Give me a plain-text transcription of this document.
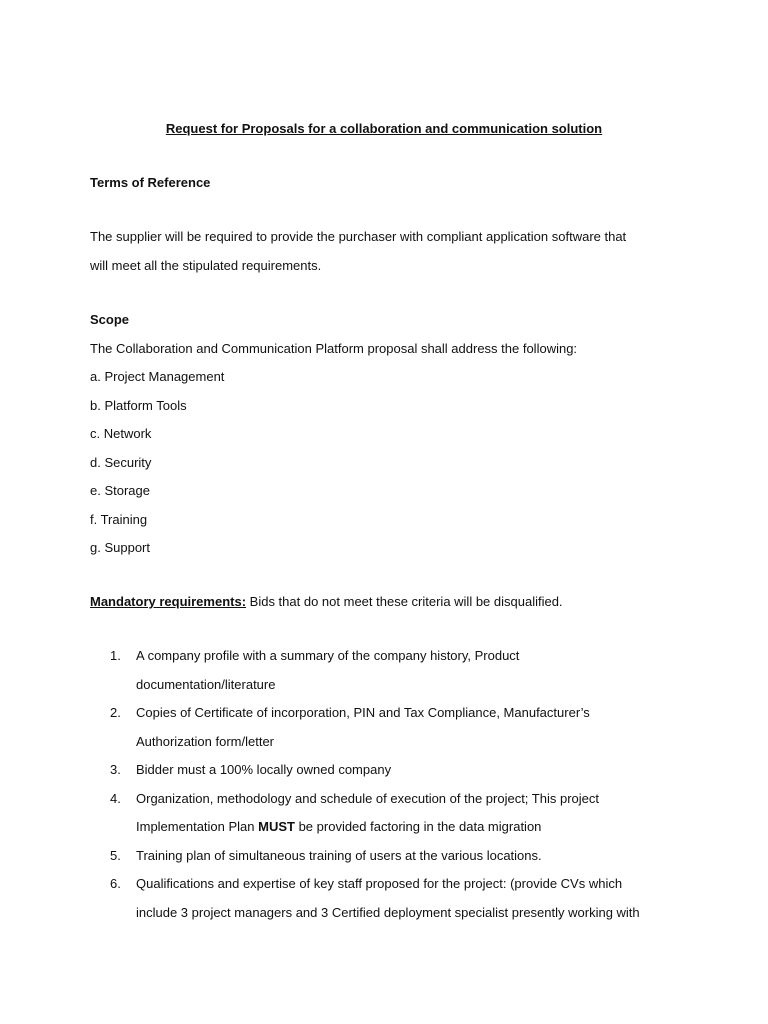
Request for Proposals for a collaboration and communication solution
Terms of Reference
The supplier will be required to provide the purchaser with compliant application software that
will meet all the stipulated requirements.
Scope
The Collaboration and Communication Platform proposal shall address the following:
a. Project Management
b. Platform Tools
c. Network
d. Security
e. Storage
f. Training
g. Support
Mandatory requirements: Bids that do not meet these criteria will be disqualified.
1.	A company profile with a summary of the company history, Product
documentation/literature
2.	Copies of Certificate of incorporation, PIN and Tax Compliance, Manufacturer’s
Authorization form/letter
3.	Bidder must a 100% locally owned company
4.	Organization, methodology and schedule of execution of the project; This project
Implementation Plan MUST be provided factoring in the data migration
5.	Training plan of simultaneous training of users at the various locations.
6.	Qualifications and expertise of key staff proposed for the project: (provide CVs which
include 3 project managers and 3 Certified deployment specialist presently working with
